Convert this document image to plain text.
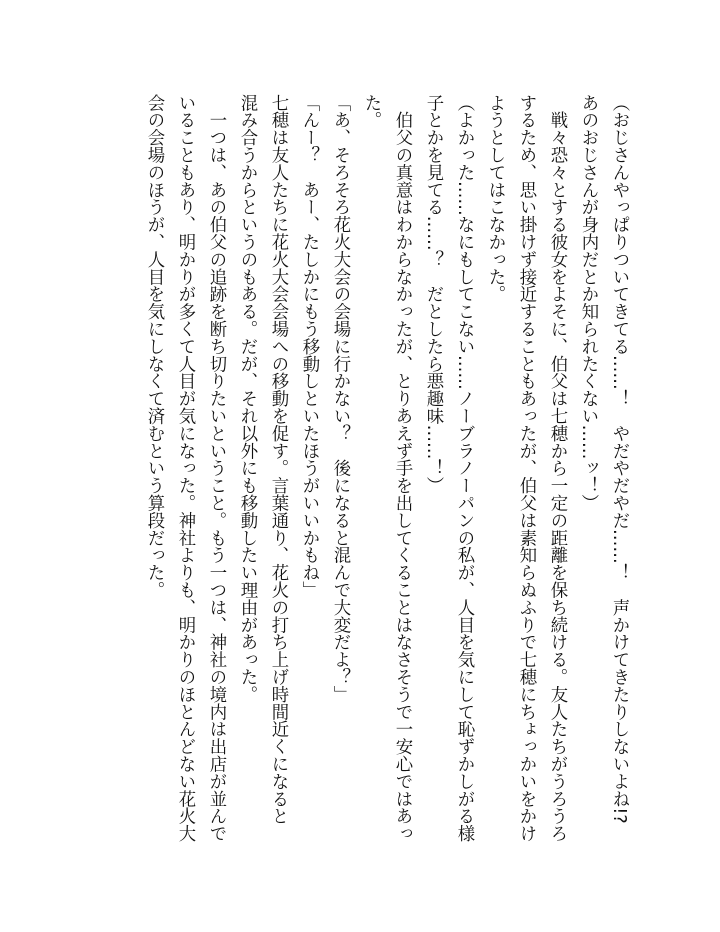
（おじさんやっぱりついてきてる……！　やだやだやだ……！　声かけてきたりしないよね!?

あのおじさんが身内だとか知られたくない……ッ！）

　戦々恐々とする彼女をよそに、伯父は七穂から一定の距離を保ち続ける。友人たちがうろうろ

するため、思い掛けず接近することもあったが、伯父は素知らぬふりで七穂にちょっかいをかけ

ようとしてはこなかった。

（よかった……なにもしてこない……ノーブラノーパンの私が、人目を気にして恥ずかしがる様

子とかを見てる……？　だとしたら悪趣味……！）

　伯父の真意はわからなかったが、とりあえず手を出してくることはなさそうで一安心ではあっ

た。

「あ、そろそろ花火大会の会場に行かない？　後になると混んで大変だよ？」

「んー？　あー、たしかにもう移動しといたほうがいいかもね」

七穂は友人たちに花火大会会場への移動を促す。言葉通り、花火の打ち上げ時間近くになると

混み合うからというのもある。だが、それ以外にも移動したい理由があった。

　一つは、あの伯父の追跡を断ち切りたいということ。もう一つは、神社の境内は出店が並んで

いることもあり、明かりが多くて人目が気になった。神社よりも、明かりのほとんどない花火大

会の会場のほうが、人目を気にしなくて済むという算段だった。
